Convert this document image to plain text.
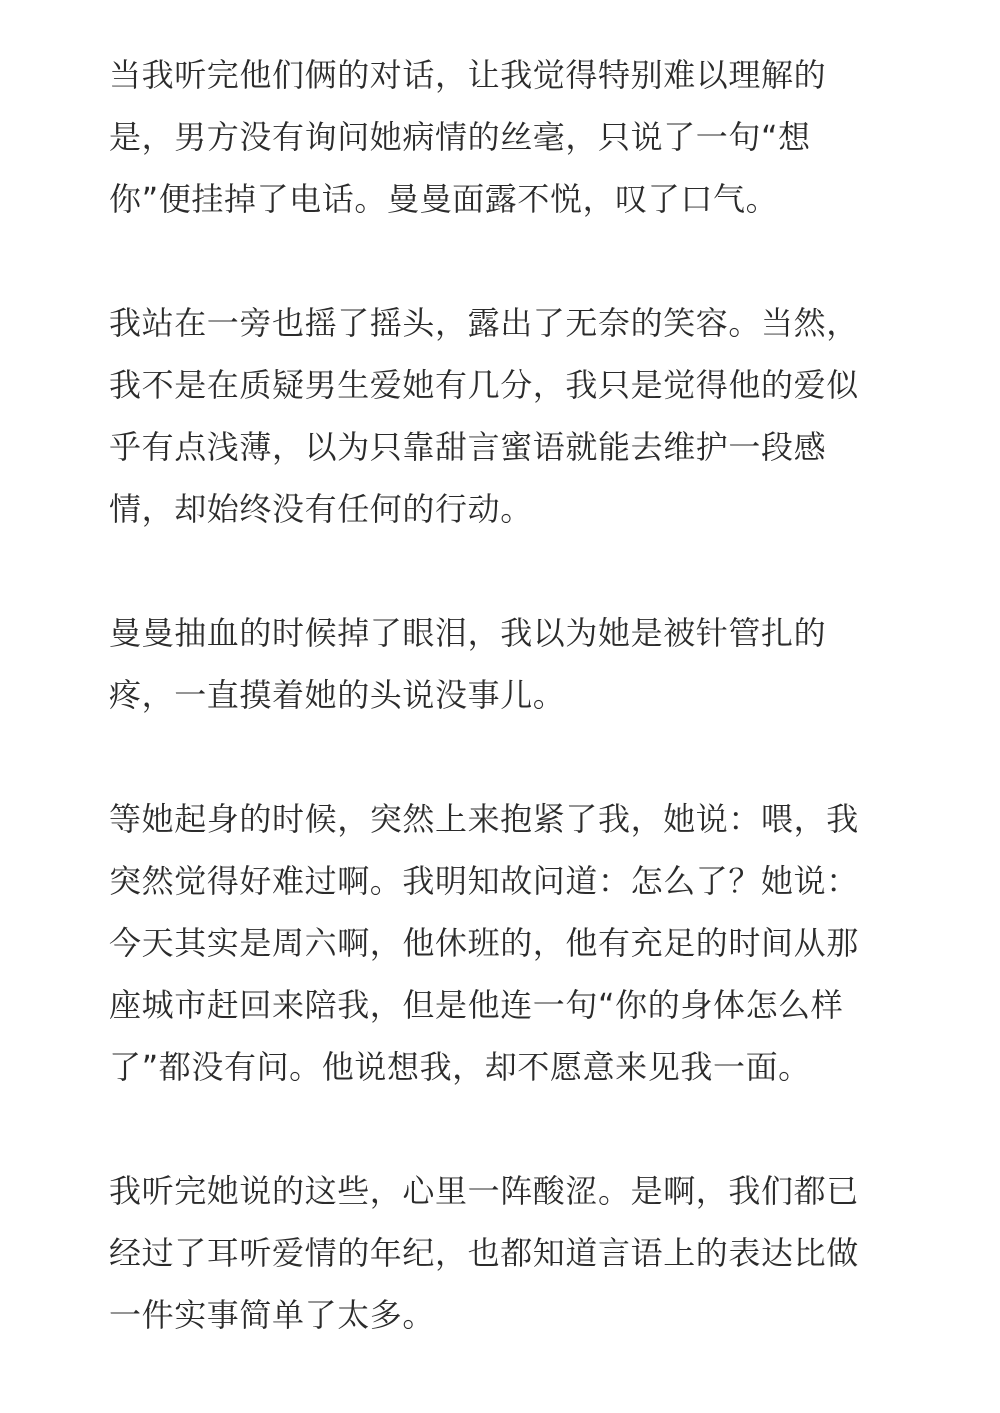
当我听完他们俩的对话，让我觉得特别难以理解的
是，男方没有询问她病情的丝毫，只说了一句“想
你”便挂掉了电话。曼曼面露不悦，叹了口气。

我站在一旁也摇了摇头，露出了无奈的笑容。当然，
我不是在质疑男生爱她有几分，我只是觉得他的爱似
乎有点浅薄，以为只靠甜言蜜语就能去维护一段感
情，却始终没有任何的行动。

曼曼抽血的时候掉了眼泪，我以为她是被针管扎的
疼，一直摸着她的头说没事儿。

等她起身的时候，突然上来抱紧了我，她说：喂，我
突然觉得好难过啊。我明知故问道：怎么了？她说：
今天其实是周六啊，他休班的，他有充足的时间从那
座城市赶回来陪我，但是他连一句“你的身体怎么样
了”都没有问。他说想我，却不愿意来见我一面。

我听完她说的这些，心里一阵酸涩。是啊，我们都已
经过了耳听爱情的年纪，也都知道言语上的表达比做
一件实事简单了太多。
